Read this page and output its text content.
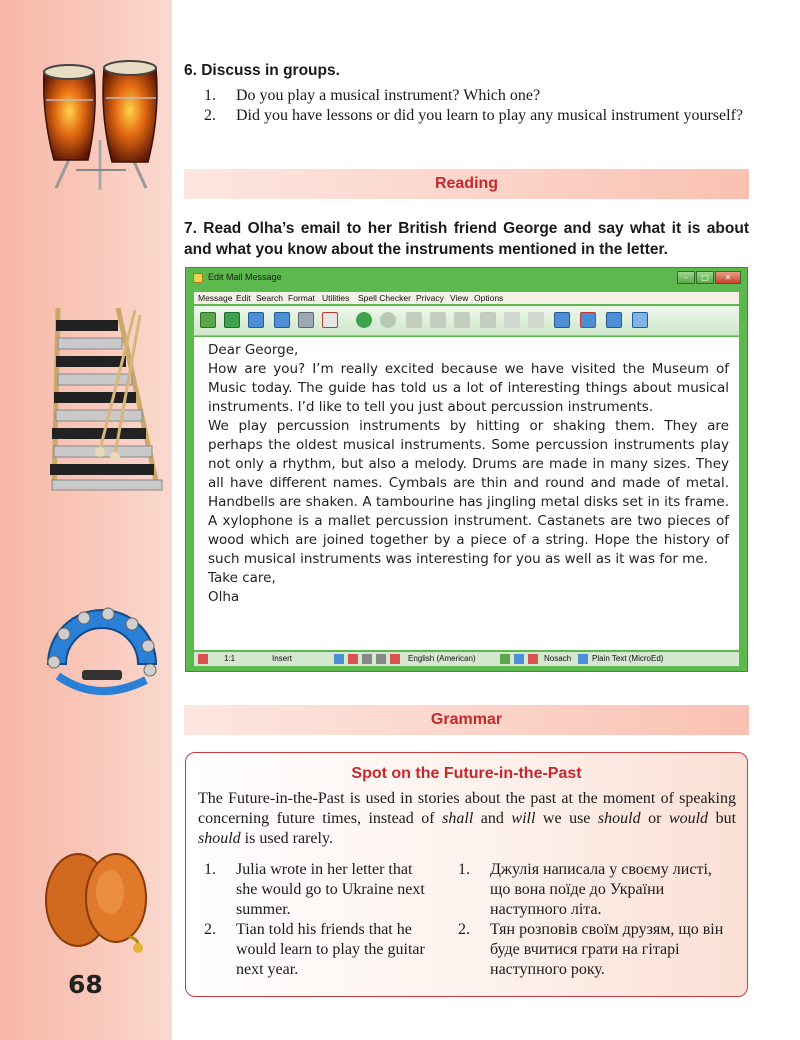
68
6. Discuss in groups.
1. Do you play a musical instrument? Which one?
2. Did you have lessons or did you learn to play any musical instrument yourself?
Reading
7. Read Olha’s email to her British friend George and say what it is about and what you know about the instruments mentioned in the letter.
Edit Mail Message	–	□	✕
Message Edit Search Format Utilities Spell Checker Privacy View Options

Dear George,

How are you? I’m really excited because we have visited the Museum of Music today. The guide has told us a lot of interesting things about musical instruments. I’d like to tell you just about percussion instruments.

We play percussion instruments by hitting or shaking them. They are perhaps the oldest musical instruments. Some percussion instruments play not only a rhythm, but also a melody. Drums are made in many sizes. They all have different names. Cymbals are thin and round and made of metal. Handbells are shaken. A tambourine has jingling metal disks set in its frame. A xylophone is a mallet percussion instrument. Castanets are two pieces of wood which are joined together by a piece of a string. Hope the history of such musical instruments was interesting for you as well as it was for me.

Take care,

Olha

1:1	Insert	English (American)	Nosach	Plain Text (MicroEd)
Grammar
Spot on the Future-in-the-Past
The Future-in-the-Past is used in stories about the past at the moment of speaking concerning future times, instead of shall and will we use should or would but should is used rarely.
1. Julia wrote in her letter that she would go to Ukraine next summer.
2. Tian told his friends that he would learn to play the guitar next year.
1. Джулія написала у своєму листі, що вона поїде до України наступного літа.
2. Тян розповів своїм друзям, що він буде вчитися грати на гітарі наступного року.
